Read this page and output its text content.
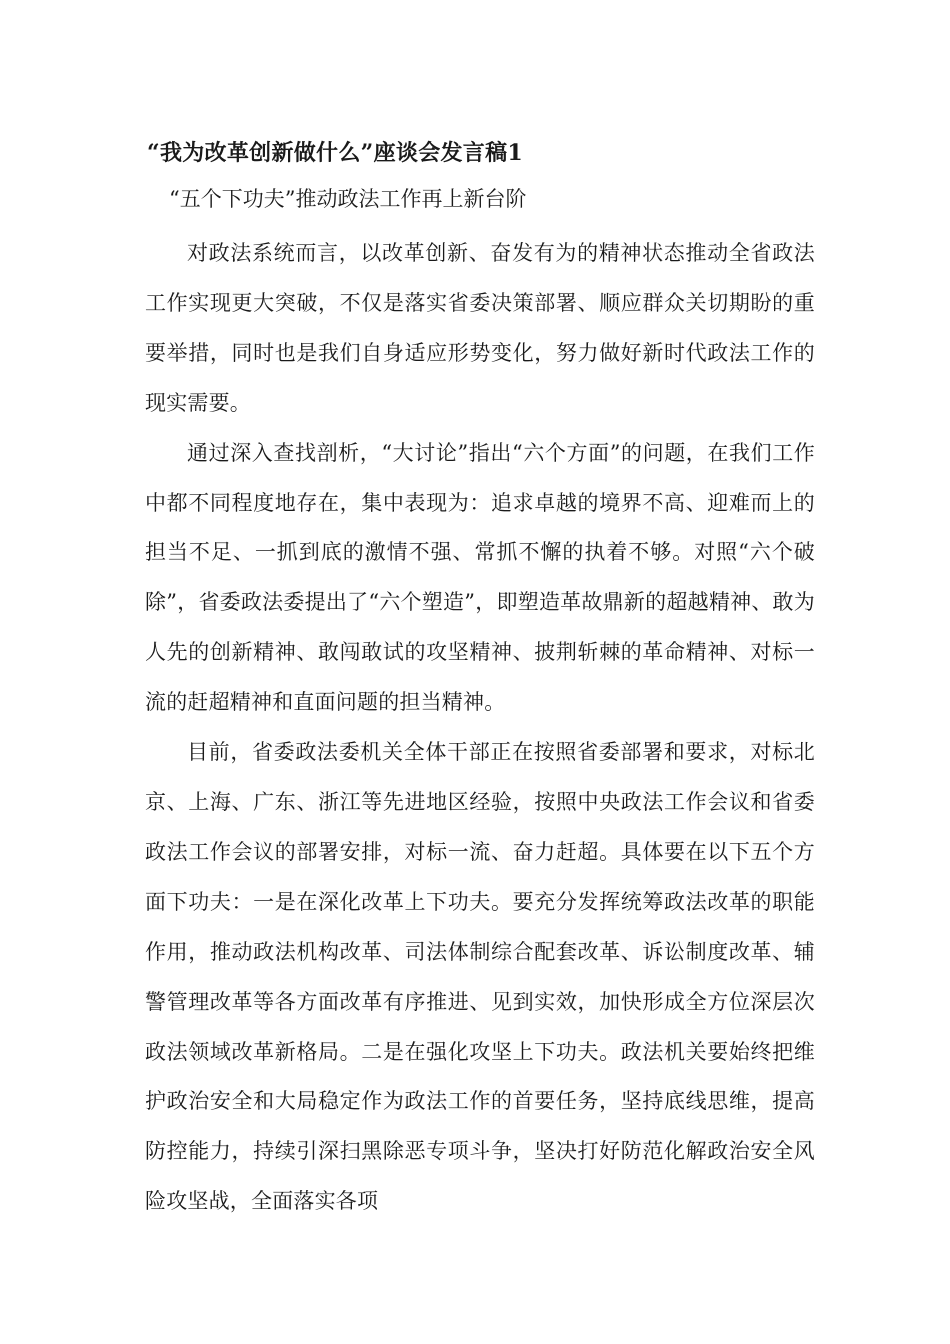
“我为改革创新做什么”座谈会发言稿1
“五个下功夫”推动政法工作再上新台阶

对政法系统而言，以改革创新、奋发有为的精神状态推动全省政法工作实现更大突破，不仅是落实省委决策部署、顺应群众关切期盼的重要举措，同时也是我们自身适应形势变化，努力做好新时代政法工作的现实需要。

通过深入查找剖析，“大讨论”指出“六个方面”的问题，在我们工作中都不同程度地存在，集中表现为：追求卓越的境界不高、迎难而上的担当不足、一抓到底的激情不强、常抓不懈的执着不够。对照“六个破除”，省委政法委提出了“六个塑造”，即塑造革故鼎新的超越精神、敢为人先的创新精神、敢闯敢试的攻坚精神、披荆斩棘的革命精神、对标一流的赶超精神和直面问题的担当精神。

目前，省委政法委机关全体干部正在按照省委部署和要求，对标北京、上海、广东、浙江等先进地区经验，按照中央政法工作会议和省委政法工作会议的部署安排，对标一流、奋力赶超。具体要在以下五个方面下功夫：一是在深化改革上下功夫。要充分发挥统筹政法改革的职能作用，推动政法机构改革、司法体制综合配套改革、诉讼制度改革、辅警管理改革等各方面改革有序推进、见到实效，加快形成全方位深层次政法领域改革新格局。二是在强化攻坚上下功夫。政法机关要始终把维护政治安全和大局稳定作为政法工作的首要任务，坚持底线思维，提高防控能力，持续引深扫黑除恶专项斗争，坚决打好防范化解政治安全风险攻坚战，全面落实各项
